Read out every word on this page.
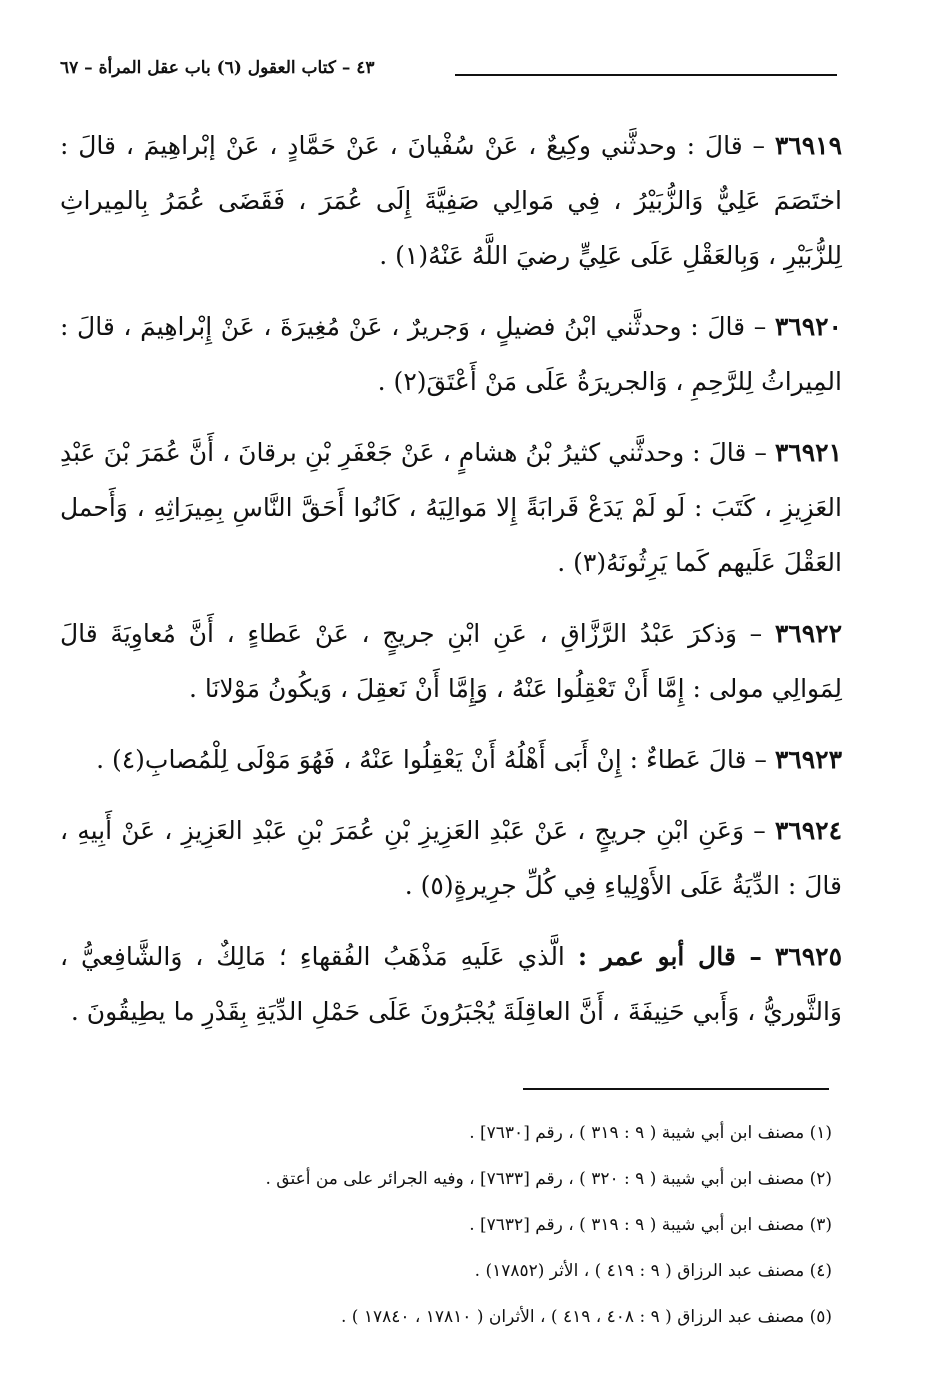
٤٣ – كتاب العقول (٦) باب عقل المرأة – ٦٧

٣٦٩١٩ – قالَ : وحدثَّني وكِيعٌ ، عَنْ سُفْيانَ ، عَنْ حَمَّادٍ ، عَنْ إبْراهِيمَ ، قالَ : اختَصَمَ عَلِيٌّ وَالزُّبَيْرُ ، فِي مَوالِي صَفِيَّةَ إِلَى عُمَرَ ، فَقَضَى عُمَرُ بِالمِيراثِ لِلزُّبَيْرِ ، وَبِالعَقْلِ عَلَى عَلِيٍّ رضيَ اللَّهُ عَنْهُ(١) .

٣٦٩٢٠ – قالَ : وحدثَّني ابْنُ فضيلٍ ، وَجريرٌ ، عَنْ مُغِيرَةَ ، عَنْ إِبْراهِيمَ ، قالَ : المِيراثُ لِلرَّحِمِ ، وَالجريرَةُ عَلَى مَنْ أَعْتَقَ(٢) .

٣٦٩٢١ – قالَ : وحدثَّني كثيرُ بْنُ هشامٍ ، عَنْ جَعْفَرِ بْنِ برقانَ ، أَنَّ عُمَرَ بْنَ عَبْدِ العَزِيزِ ، كَتَبَ : لَو لَمْ يَدَعْ قَرابَةً إِلا مَوالِيَهُ ، كَانُوا أَحَقَّ النَّاسِ بِمِيرَاثِهِ ، وَأَحمل العَقْلَ عَلَيهم كَما يَرِثُونَهُ(٣) .

٣٦٩٢٢ – وَذكرَ عَبْدُ الرَّزَّاقِ ، عَنِ ابْنِ جريجٍ ، عَنْ عَطاءٍ ، أَنَّ مُعاوِيَةَ قالَ لِمَوالِي مولى : إِمَّا أَنْ تَعْقِلُوا عَنْهُ ، وَإِمَّا أَنْ نَعقِلَ ، وَيكُونُ مَوْلانَا .

٣٦٩٢٣ – قالَ عَطاءٌ : إِنْ أَبَى أَهْلُهُ أَنْ يَعْقِلُوا عَنْهُ ، فَهُوَ مَوْلَى لِلْمُصابِ(٤) .

٣٦٩٢٤ – وَعَنِ ابْنِ جريجٍ ، عَنْ عَبْدِ العَزِيزِ بْنِ عُمَرَ بْنِ عَبْدِ العَزِيزِ ، عَنْ أَبِيهِ ، قالَ : الدِّيَةُ عَلَى الأَوْلِياءِ فِي كُلِّ جرِيرةٍ(٥) .

٣٦٩٢٥ – قال أبو عمر : الَّذي عَلَيهِ مَذْهَبُ الفُقهاءِ ؛ مَالِكٌ ، وَالشَّافِعيُّ ، وَالثَّوريُّ ، وَأَبي حَنِيفَةَ ، أَنَّ العاقِلَةَ يُجْبَرُونَ عَلَى حَمْلِ الدِّيَةِ بِقَدْرِ ما يطِيقُونَ .

(١) مصنف ابن أبي شيبة ( ٩ : ٣١٩ ) ، رقم [٧٦٣٠] .
(٢) مصنف ابن أبي شيبة ( ٩ : ٣٢٠ ) ، رقم [٧٦٣٣] ، وفيه الجرائر على من أعتق .
(٣) مصنف ابن أبي شيبة ( ٩ : ٣١٩ ) ، رقم [٧٦٣٢] .
(٤) مصنف عبد الرزاق ( ٩ : ٤١٩ ) ، الأثر (١٧٨٥٢) .
(٥) مصنف عبد الرزاق ( ٩ : ٤٠٨ ، ٤١٩ ) ، الأثران ( ١٧٨١٠ ، ١٧٨٤٠ ) .
